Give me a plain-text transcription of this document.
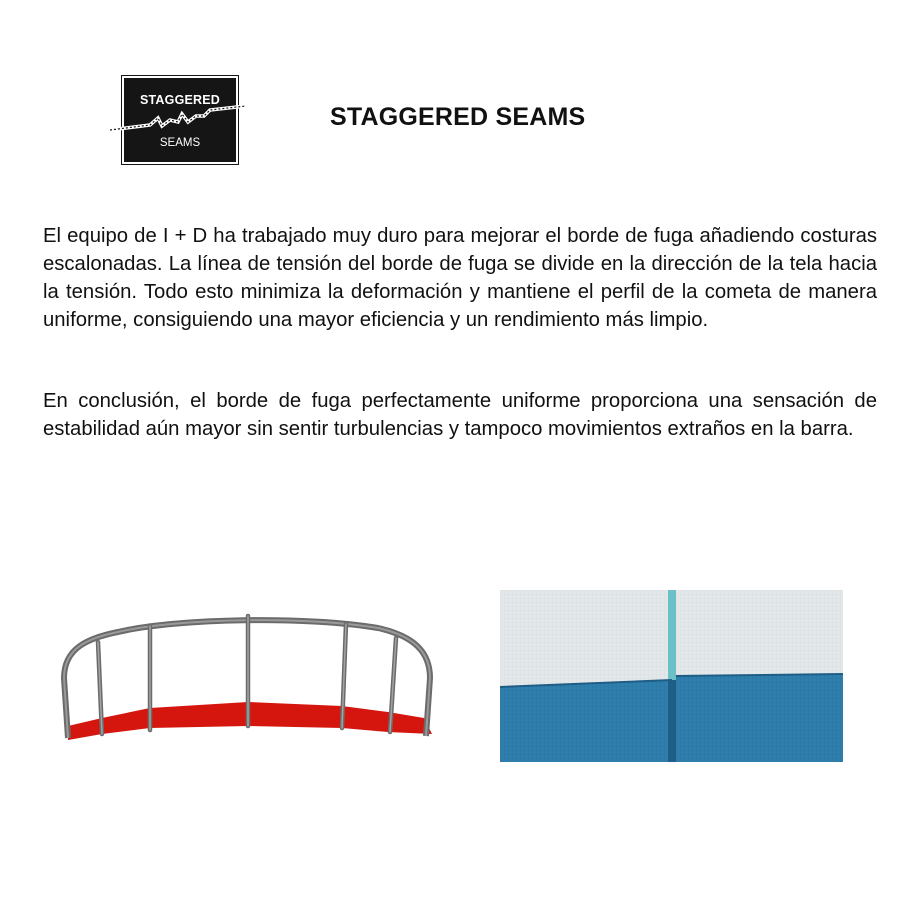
STAGGERED
SEAMS
STAGGERED SEAMS

El equipo de I + D ha trabajado muy duro para mejorar el borde de fuga añadiendo costuras escalonadas. La línea de tensión del borde de fuga se divide en la dirección de la tela hacia la tensión. Todo esto minimiza la deformación y mantiene el perfil de la cometa de manera uniforme, consiguiendo una mayor eficiencia y un rendimiento más limpio.

En conclusión, el borde de fuga perfectamente uniforme proporciona una sensación de estabilidad aún mayor sin sentir turbulencias y tampoco movimientos extraños en la barra.
